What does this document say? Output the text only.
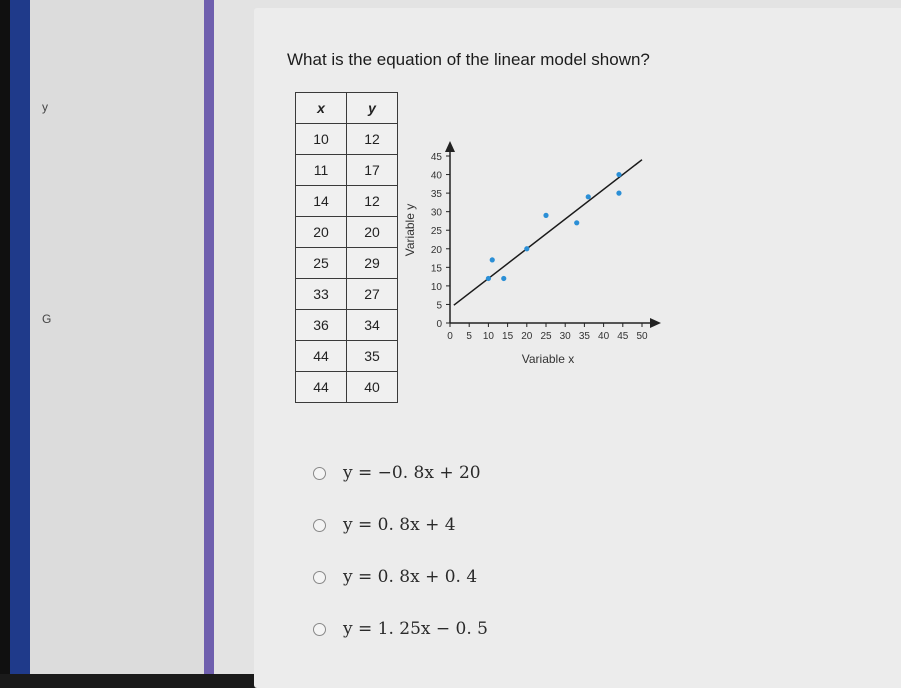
y
G
What is the equation of the linear model shown?
x	y
10	12
11	17
14	12
20	20
25	29
33	27
36	34
44	35
44	40
0
5
10
15
20
25
30
35
40
45
0 5 10 15 20 25 30 35 40 45 50
Variable y
Variable x
y = −0. 8x + 20
y = 0. 8x + 4
y = 0. 8x + 0. 4
y = 1. 25x − 0. 5
